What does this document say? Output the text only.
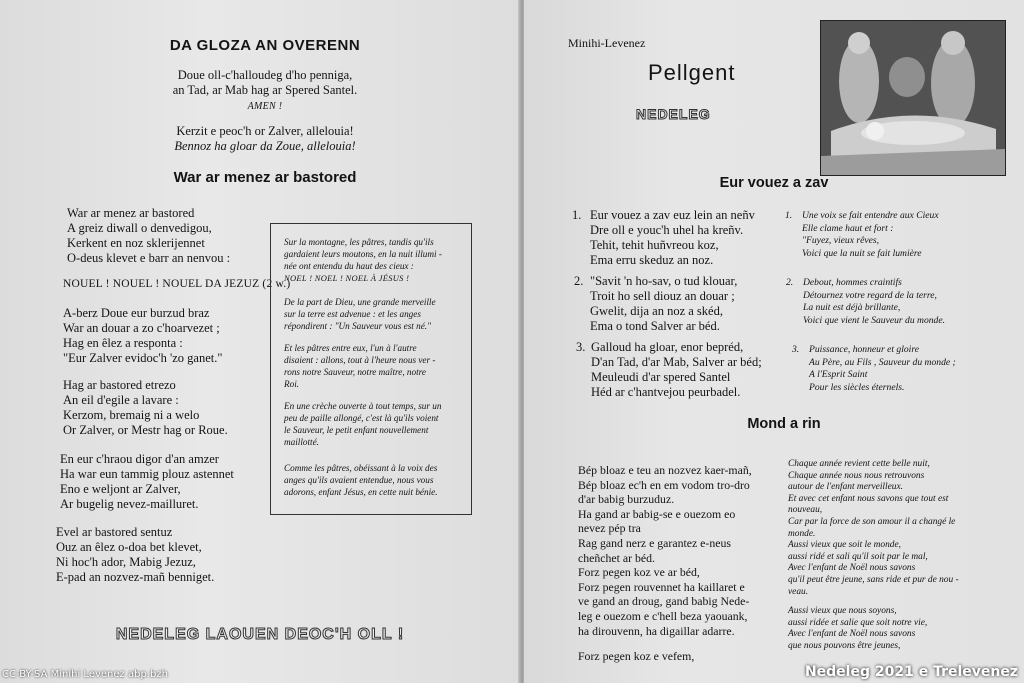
DA GLOZA AN OVERENN
Doue oll-c'halloudeg d'ho penniga,
an Tad, ar Mab hag ar Spered Santel.
AMEN !
Kerzit e peoc'h or Zalver, allelouia!
Bennoz ha gloar da Zoue, allelouia!
War ar menez ar bastored
War ar menez ar bastored
A greiz diwall o denvedigou,
Kerkent en noz sklerijennet
O-deus klevet e barr an nenvou :
NOUEL ! NOUEL ! NOUEL DA JEZUZ (2 w.)
A-berz Doue eur burzud braz
War an douar a zo c'hoarvezet ;
Hag en êlez a responta :
"Eur Zalver evidoc'h 'zo ganet."
Hag ar bastored etrezo
An eil d'egile a lavare :
Kerzom, bremaig ni a welo
Or Zalver, or Mestr hag or Roue.
En eur c'hraou digor d'an amzer
Ha war eun tammig plouz astennet
Eno e weljont ar Zalver,
Ar bugelig nevez-mailluret.
Evel ar bastored sentuz
Ouz an êlez o-doa bet klevet,
Ni hoc'h ador, Mabig Jezuz,
E-pad an nozvez-mañ benniget.
Sur la montagne, les pâtres, tandis qu'ils
gardaient leurs moutons, en la nuit illumi -
née ont entendu du haut des cieux :
NOEL ! NOEL ! NOEL À JÉSUS !
De la part de Dieu, une grande merveille
sur la terre est advenue : et les anges
répondirent : "Un Sauveur vous est né."
Et les pâtres entre eux, l'un à l'autre
disaient : allons, tout à l'heure nous ver -
rons notre Sauveur, notre maître, notre
Roi.
En une crèche ouverte à tout temps, sur un
peu de paille allongé, c'est là qu'ils voient
le Sauveur, le petit enfant nouvellement
maillotté.
Comme les pâtres, obéissant à la voix des
anges qu'ils avaient entendue, nous vous
adorons, enfant Jésus, en cette nuit bénie.
NEDELEG LAOUEN DEOC'H OLL !
Minihi-Levenez
Pellgent
NEDELEG
Eur vouez a zav
1. Eur vouez a zav euz lein an neñv
Dre oll e youc'h uhel ha kreñv.
Tehit, tehit huñvreou koz,
Ema erru skeduz an noz.
2. "Savit 'n ho-sav, o tud klouar,
Troit ho sell diouz an douar ;
Gwelit, dija an noz a skéd,
Ema o tond Salver ar béd.
3. Galloud ha gloar, enor bepréd,
D'an Tad, d'ar Mab, Salver ar béd;
Meuleudi d'ar spered Santel
Héd ar c'hantvejou peurbadel.
1. Une voix se fait entendre aux Cieux
Elle clame haut et fort :
"Fuyez, vieux rêves,
Voici que la nuit se fait lumière
2. Debout, hommes craintifs
Détournez votre regard de la terre,
La nuit est déjà brillante,
Voici que vient le Sauveur du monde.
3. Puissance, honneur et gloire
Au Père, au Fils , Sauveur du monde ;
A l'Esprit Saint
Pour les siècles éternels.
Mond a rin
Bép bloaz e teu an nozvez kaer-mañ,
Bép bloaz ec'h en em vodom tro-dro
d'ar babig burzuduz.
Ha gand ar babig-se e ouezom eo
nevez pép tra
Rag gand nerz e garantez e-neus
cheñchet ar béd.
Forz pegen koz ve ar béd,
Forz pegen rouvennet ha kaillaret e
ve gand an droug, gand babig Nede-
leg e ouezom e c'hell beza yaouank,
ha dirouvenn, ha digaillar adarre.
Forz pegen koz e vefem,
Chaque année revient cette belle nuit,
Chaque année nous nous retrouvons
autour de l'enfant merveilleux.
Et avec cet enfant nous savons que tout est
nouveau,
Car par la force de son amour il a changé le
monde.
Aussi vieux que soit le monde,
aussi ridé et sali qu'il soit par le mal,
Avec l'enfant de Noël nous savons
qu'il peut être jeune, sans ride et pur de nou -
veau.
Aussi vieux que nous soyons,
aussi ridée et salie que soit notre vie,
Avec l'enfant de Noël nous savons
que nous pouvons être jeunes,
CC-BY-SA Minihi Levenez abp.bzh	Nedeleg 2021 e Trelevenez
